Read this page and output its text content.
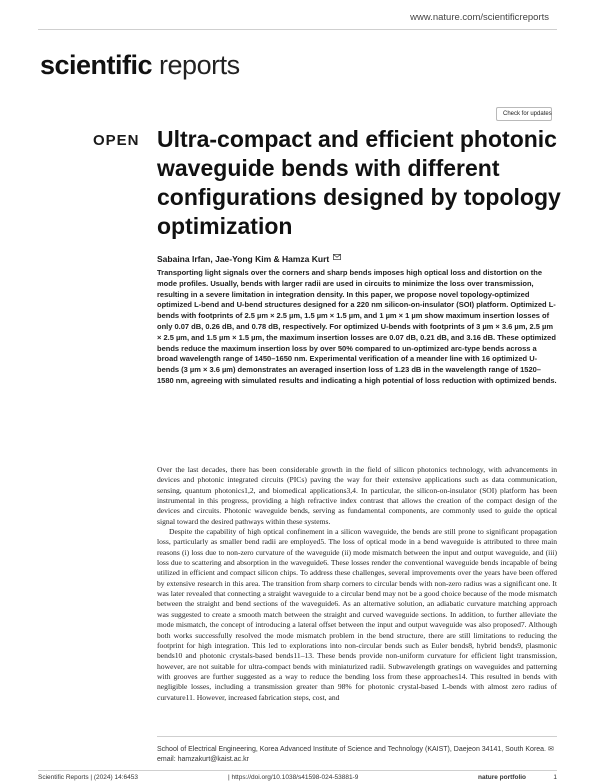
www.nature.com/scientificreports
scientific reports
Check for updates
OPEN Ultra-compact and efficient photonic waveguide bends with different configurations designed by topology optimization
Sabaina Irfan, Jae-Yong Kim & Hamza Kurt

Transporting light signals over the corners and sharp bends imposes high optical loss and distortion on the mode profiles. Usually, bends with larger radii are used in circuits to minimize the loss over transmission, resulting in a severe limitation in integration density. In this paper, we propose novel topology-optimized optimized L-bend and U-bend structures designed for a 220 nm silicon-on-insulator (SOI) platform. Optimized L-bends with footprints of 2.5 µm × 2.5 µm, 1.5 µm × 1.5 µm, and 1 µm × 1 µm show maximum insertion losses of only 0.07 dB, 0.26 dB, and 0.78 dB, respectively. For optimized U-bends with footprints of 3 µm × 3.6 µm, 2.5 µm × 2.5 µm, and 1.5 µm × 1.5 µm, the maximum insertion losses are 0.07 dB, 0.21 dB, and 3.16 dB. These optimized bends reduce the maximum insertion loss by over 50% compared to un-optimized arc-type bends across a broad wavelength range of 1450–1650 nm. Experimental verification of a meander line with 16 optimized U-bends (3 µm × 3.6 µm) demonstrates an averaged insertion loss of 1.23 dB in the wavelength range of 1520–1580 nm, agreeing with simulated results and indicating a high potential of loss reduction with optimized bends.

Over the last decades, there has been considerable growth in the field of silicon photonics technology, with advancements in devices and photonic integrated circuits (PICs) paving the way for their extensive applications such as data communication, sensing, quantum photonics1,2, and biomedical applications3,4. In particular, the silicon-on-insulator (SOI) platform has been instrumental in this progress, providing a high refractive index contrast that allows the creation of the compact design of the devices and circuits. Photonic waveguide bends, serving as fundamental components, are commonly used to guide the optical signal toward the desired pathways within these systems.

Despite the capability of high optical confinement in a silicon waveguide, the bends are still prone to significant propagation loss, particularly as smaller bend radii are employed5. The loss of optical mode in a bend waveguide is attributed to three main reasons (i) loss due to non-zero curvature of the waveguide (ii) mode mismatch between the input and output waveguide, and (iii) loss due to scattering and absorption in the waveguide6. These losses render the conventional waveguide bends incapable of being utilized in efficient and compact silicon chips. To address these challenges, several improvements over the years have been offered by extensive research in this area. The transition from sharp corners to circular bends with non-zero radius was a significant one. It was later revealed that connecting a straight waveguide to a circular bend may not be a good choice because of the mode mismatch between the straight and bend sections of the waveguide6. As an alternative solution, an adiabatic curvature matching approach was suggested to create a smooth match between the straight and curved waveguide sections. In addition, to further alleviate the mode mismatch, the concept of introducing a lateral offset between the input and output waveguide was also proposed7. Although both works successfully resolved the mode mismatch problem in the bend structure, there are still limitations to reducing the footprint for high integration. This led to explorations into non-circular bends such as Euler bends8, hybrid bends9, plasmonic bends10 and photonic crystals-based bends11–13. These bends provide non-uniform curvature for efficient light transmission, however, are not suitable for ultra-compact bends with miniaturized radii. Subwavelength gratings on waveguides and patterning with grooves are further suggested as a way to reduce the bending loss from these approaches14. This resulted in bends with negligible losses, including a transmission greater than 98% for photonic crystal-based L-bends with almost zero radius of curvature11. However, increased fabrication steps, cost, and

School of Electrical Engineering, Korea Advanced Institute of Science and Technology (KAIST), Daejeon 34141, South Korea. ✉email: hamzakurt@kaist.ac.kr

Scientific Reports | (2024) 14:6453	| https://doi.org/10.1038/s41598-024-53881-9	nature portfolio	1
